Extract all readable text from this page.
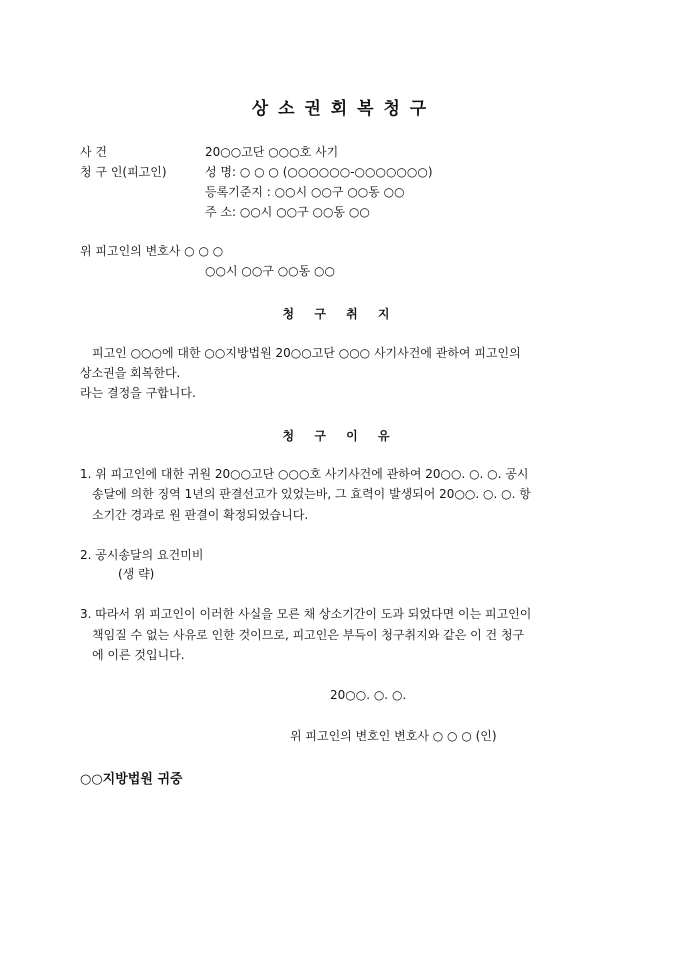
상 소 권 회 복 청 구
사 건	20○○고단 ○○○호 사기
청 구 인(피고인)	성 명: ○ ○ ○ (○○○○○○-○○○○○○○)
등록기준지 : ○○시 ○○구 ○○동 ○○
주 소: ○○시 ○○구 ○○동 ○○
위 피고인의 변호사 ○ ○ ○
○○시 ○○구 ○○동 ○○
청 구 취 지
피고인 ○○○에 대한 ○○지방법원 20○○고단 ○○○ 사기사건에 관하여 피고인의
상소권을 회복한다.
라는 결정을 구합니다.
청 구 이 유
1. 위 피고인에 대한 귀원 20○○고단 ○○○호 사기사건에 관하여 20○○. ○. ○. 공시
송달에 의한 징역 1년의 판결선고가 있었는바, 그 효력이 발생되어 20○○. ○. ○. 항
소기간 경과로 원 판결이 확정되었습니다.
2. 공시송달의 요건미비
(생 략)
3. 따라서 위 피고인이 이러한 사실을 모른 채 상소기간이 도과 되었다면 이는 피고인이
책임질 수 없는 사유로 인한 것이므로, 피고인은 부득이 청구취지와 같은 이 건 청구
에 이른 것입니다.
20○○. ○. ○.
위 피고인의 변호인 변호사 ○ ○ ○ (인)
○○지방법원 귀중
